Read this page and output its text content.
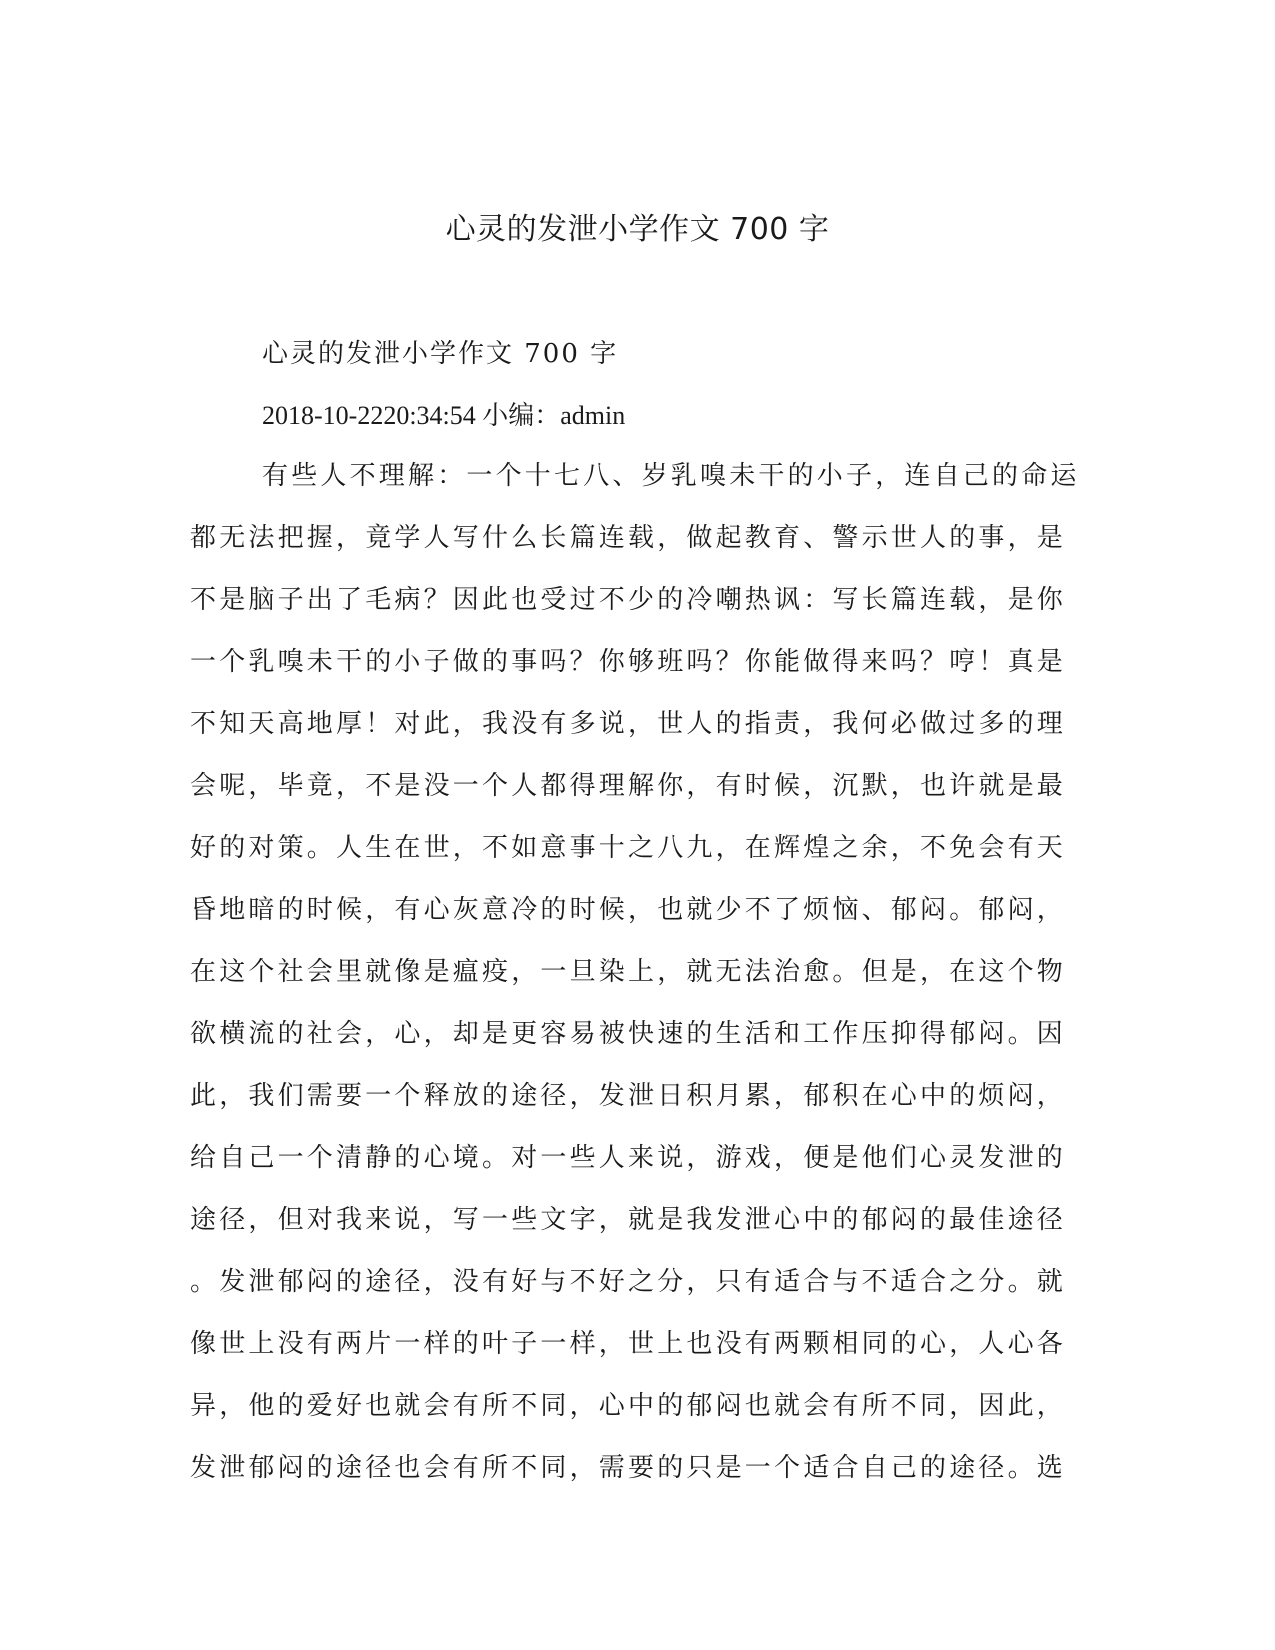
心灵的发泄小学作文 700 字
心灵的发泄小学作文 700 字
2018-10-2220:34:54 小编：admin
有些人不理解：一个十七八、岁乳嗅未干的小子，连自己的命运
都无法把握，竟学人写什么长篇连载，做起教育、警示世人的事，是
不是脑子出了毛病？因此也受过不少的冷嘲热讽：写长篇连载，是你
一个乳嗅未干的小子做的事吗？你够班吗？你能做得来吗？哼！真是
不知天高地厚！对此，我没有多说，世人的指责，我何必做过多的理
会呢，毕竟，不是没一个人都得理解你，有时候，沉默，也许就是最
好的对策。人生在世，不如意事十之八九，在辉煌之余，不免会有天
昏地暗的时候，有心灰意冷的时候，也就少不了烦恼、郁闷。郁闷，
在这个社会里就像是瘟疫，一旦染上，就无法治愈。但是，在这个物
欲横流的社会，心，却是更容易被快速的生活和工作压抑得郁闷。因
此，我们需要一个释放的途径，发泄日积月累，郁积在心中的烦闷，
给自己一个清静的心境。对一些人来说，游戏，便是他们心灵发泄的
途径，但对我来说，写一些文字，就是我发泄心中的郁闷的最佳途径
。发泄郁闷的途径，没有好与不好之分，只有适合与不适合之分。就
像世上没有两片一样的叶子一样，世上也没有两颗相同的心，人心各
异，他的爱好也就会有所不同，心中的郁闷也就会有所不同，因此，
发泄郁闷的途径也会有所不同，需要的只是一个适合自己的途径。选
